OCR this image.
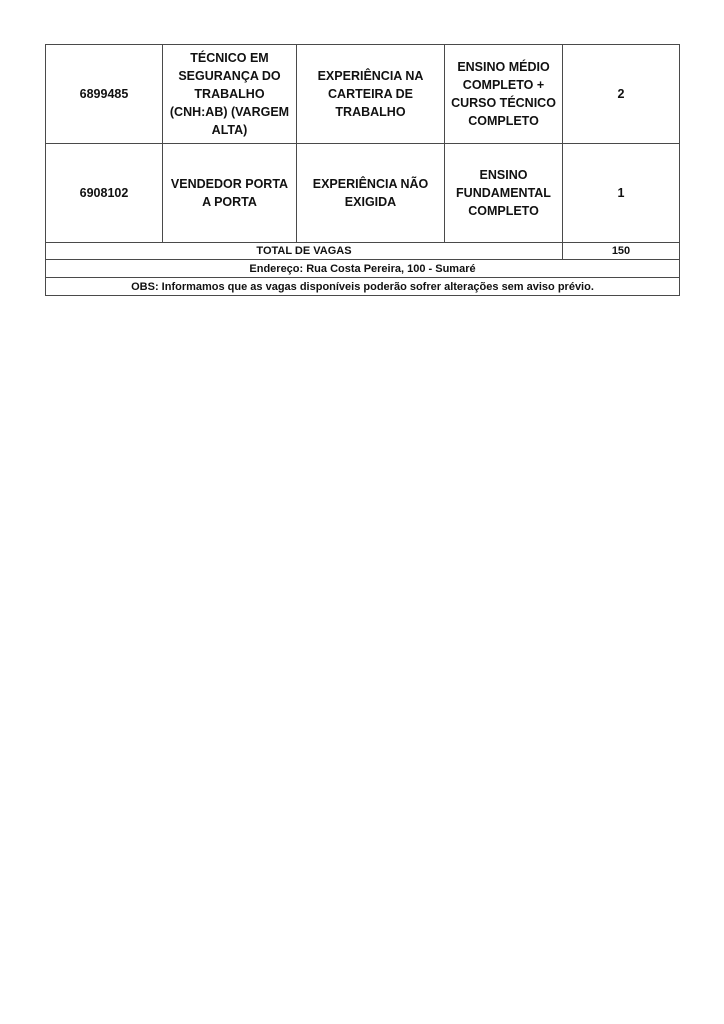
6899485	TÉCNICO EM SEGURANÇA DO TRABALHO (CNH:AB) (VARGEM ALTA)	EXPERIÊNCIA NA CARTEIRA DE TRABALHO	ENSINO MÉDIO COMPLETO + CURSO TÉCNICO COMPLETO	2
6908102	VENDEDOR PORTA A PORTA	EXPERIÊNCIA NÃO EXIGIDA	ENSINO FUNDAMENTAL COMPLETO	1
TOTAL DE VAGAS				150
Endereço: Rua Costa Pereira, 100 - Sumaré				
OBS: Informamos que as vagas disponíveis poderão sofrer alterações sem aviso prévio.				
